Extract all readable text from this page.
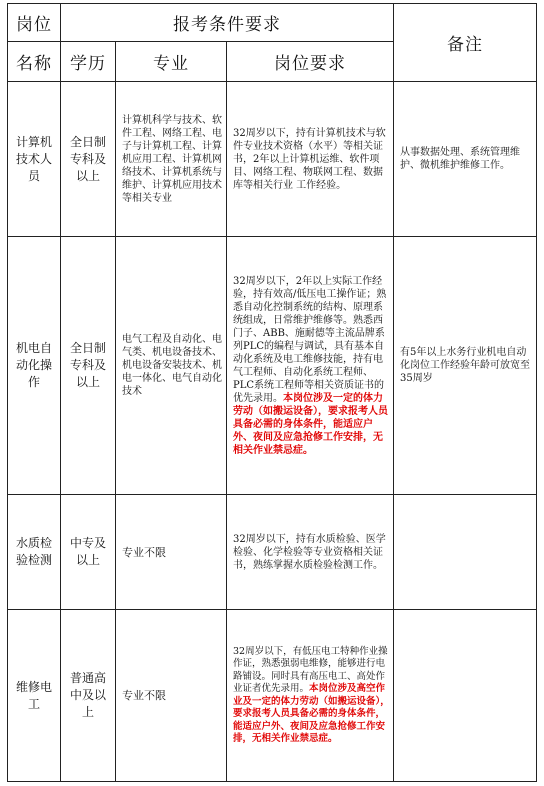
岗位	报考条件要求			备注
名称	学历	专业	岗位要求	
计算机技术人员	全日制专科及以上	计算机科学与技术、软件工程、网络工程、电子与计算机工程、计算机应用工程、计算机网络技术、计算机系统与维护、计算机应用技术等相关专业	32周岁以下，持有计算机技术与软件专业技术资格（水平）等相关证书，2年以上计算机运维、软件项目、网络工程、物联网工程、数据库等相关行业 工作经验。	从事数据处理、系统管理维护、微机维护维修工作。
机电自动化操作	全日制专科及以上	电气工程及自动化、电气类、机电设备技术、机电设备安装技术、机电一体化、电气自动化技术	32周岁以下，2年以上实际工作经验，持有效高/低压电工操作证；熟悉自动化控制系统的结构、原理系统组成，日常维护维修等。熟悉西门子、ABB、施耐德等主流品牌系列PLC的编程与调试，具有基本自动化系统及电工维修技能，持有电气工程师、自动化系统工程师、PLC系统工程师等相关资质证书的优先录用。本岗位涉及一定的体力劳动（如搬运设备），要求报考人员具备必需的身体条件，能适应户外、夜间及应急抢修工作安排，无相关作业禁忌症。	有5年以上水务行业机电自动化岗位工作经验年龄可放宽至35周岁
水质检验检测	中专及以上	专业不限	32周岁以下，持有水质检验、医学检验、化学检验等专业资格相关证书，熟练掌握水质检验检测工作。	
维修电工	普通高中及以上	专业不限	32周岁以下，有低压电工特种作业操作证，熟悉强弱电维修，能够进行电路铺设。同时具有高压电工、高处作业证者优先录用。本岗位涉及高空作业及一定的体力劳动（如搬运设备），要求报考人员具备必需的身体条件，能适应户外、夜间及应急抢修工作安排，无相关作业禁忌症。	
